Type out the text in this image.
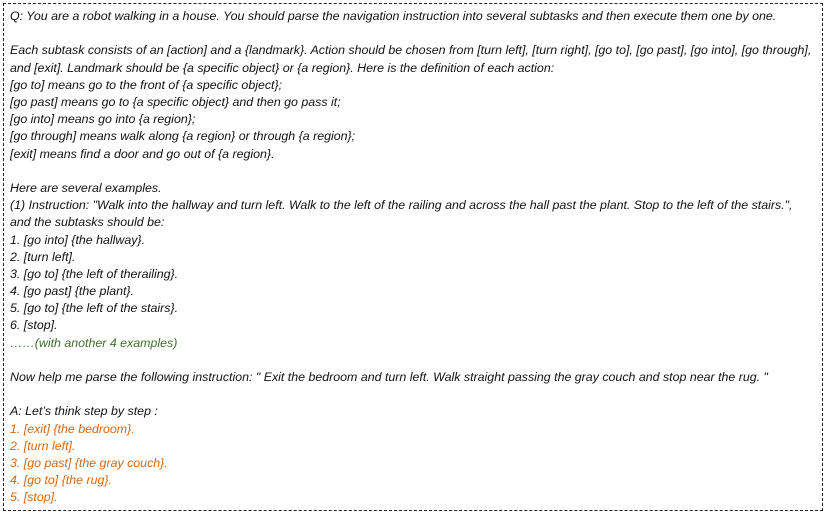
Q: You are a robot walking in a house. You should parse the navigation instruction into several subtasks and then execute them one by one.
Each subtask consists of an [action] and a {landmark}. Action should be chosen from [turn left], [turn right], [go to], [go past], [go into], [go through], and [exit]. Landmark should be {a specific object} or {a region}. Here is the definition of each action:
[go to] means go to the front of {a specific object};
[go past] means go to {a specific object} and then go pass it;
[go into] means go into {a region};
[go through] means walk along {a region} or through {a region};
[exit] means find a door and go out of {a region}.
Here are several examples.
(1) Instruction: "Walk into the hallway and turn left. Walk to the left of the railing and across the hall past the plant. Stop to the left of the stairs.", and the subtasks should be:
1. [go into] {the hallway}.
2. [turn left].
3. [go to] {the left of therailing}.
4. [go past] {the plant}.
5. [go to] {the left of the stairs}.
6. [stop].
……(with another 4 examples)
Now help me parse the following instruction: " Exit the bedroom and turn left. Walk straight passing the gray couch and stop near the rug. "
A: Let’s think step by step :
1. [exit] {the bedroom}.
2. [turn left].
3. [go past] {the gray couch}.
4. [go to] {the rug}.
5. [stop].
